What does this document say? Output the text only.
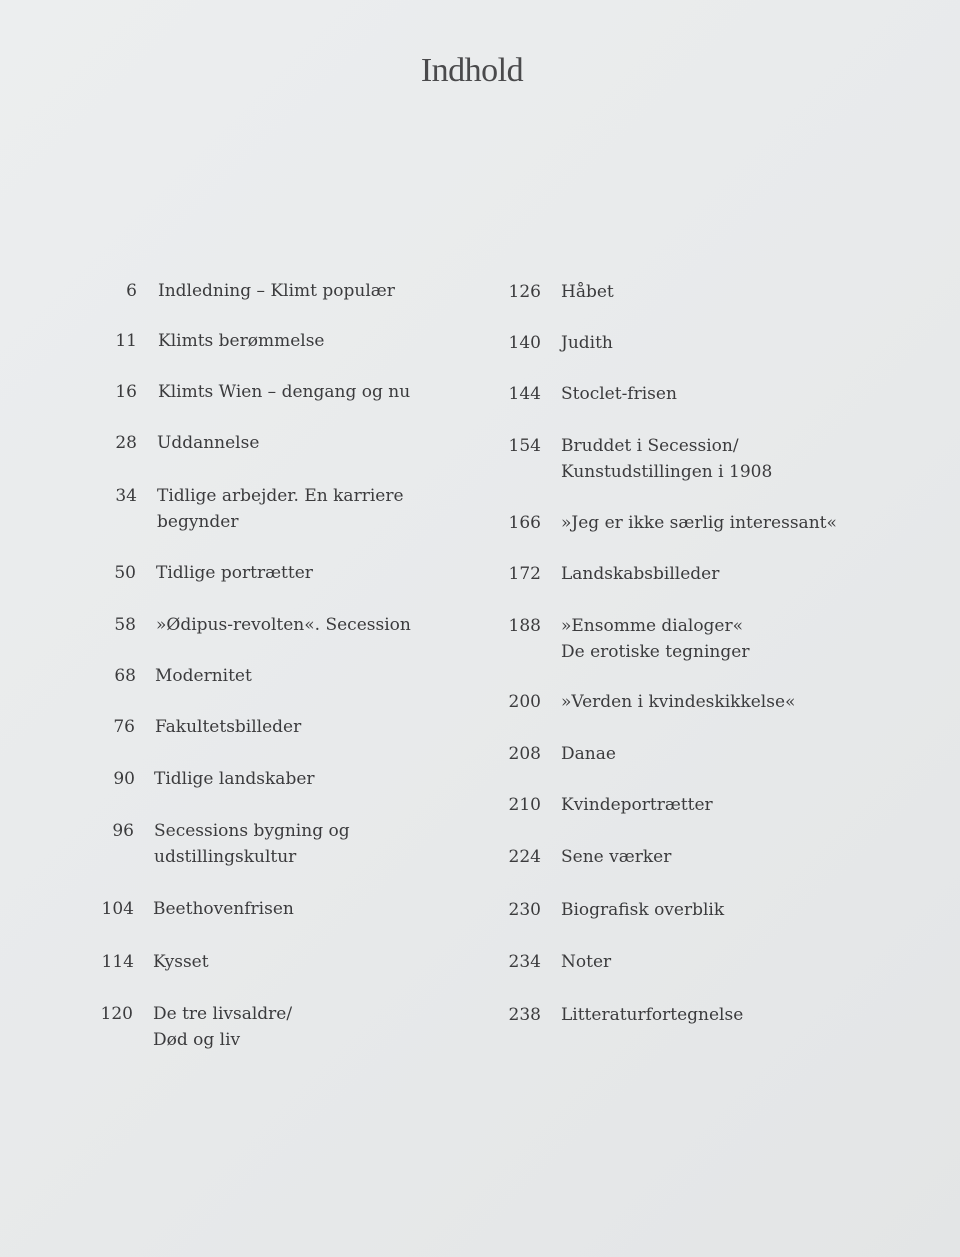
Indhold
6 Indledning – Klimt populær
11 Klimts berømmelse
16 Klimts Wien – dengang og nu
28 Uddannelse
34 Tidlige arbejder. En karriere
begynder
50 Tidlige portrætter
58 »Ødipus-revolten«. Secession
68 Modernitet
76 Fakultetsbilleder
90 Tidlige landskaber
96 Secessions bygning og
udstillingskultur
104 Beethovenfrisen
114 Kysset
120 De tre livsaldre/
Død og liv
126 Håbet
140 Judith
144 Stoclet-frisen
154 Bruddet i Secession/
Kunstudstillingen i 1908
166 »Jeg er ikke særlig interessant«
172 Landskabsbilleder
188 »Ensomme dialoger«
De erotiske tegninger
200 »Verden i kvindeskikkelse«
208 Danae
210 Kvindeportrætter
224 Sene værker
230 Biografisk overblik
234 Noter
238 Litteraturfortegnelse
